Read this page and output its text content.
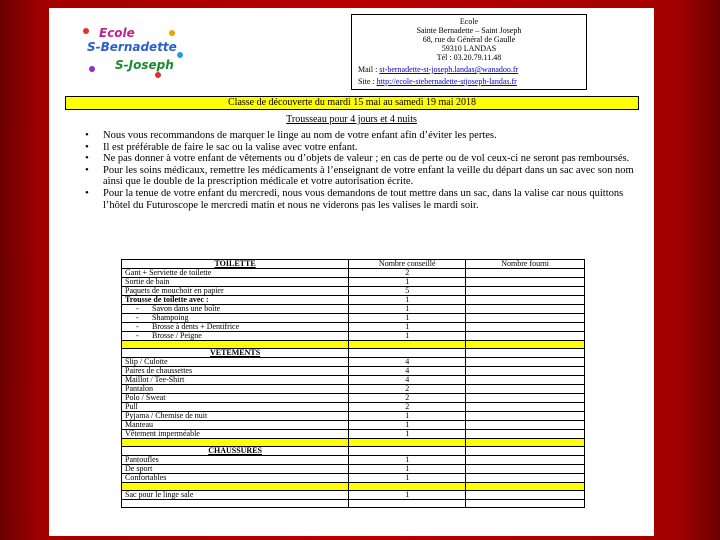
Ecole
S-Bernadette
S-Joseph
Ecole
Sainte Bernadette – Saint Joseph
68, rue du Général de Gaulle
59310 LANDAS
Tél : 03.20.79.11.48
Mail : st-bernadette-st-joseph.landas@wanadoo.fr
Site : http://ecole-stebernadette-stjoseph-landas.fr
Classe de découverte du mardi 15 mai au samedi 19 mai 2018
Trousseau pour 4 jours et 4 nuits
• Nous vous recommandons de marquer le linge au nom de votre enfant afin d’éviter les pertes.
• Il est préférable de faire le sac ou la valise avec votre enfant.
• Ne pas donner à votre enfant de vêtements ou d’objets de valeur ; en cas de perte ou de vol ceux-ci ne seront pas remboursés.
• Pour les soins médicaux, remettre les médicaments à l’enseignant de votre enfant la veille du départ dans un sac avec son nom ainsi que le double de la prescription médicale et votre autorisation écrite.
• Pour la tenue de votre enfant du mercredi, nous vous demandons de tout mettre dans un sac, dans la valise car nous quittons l’hôtel du Futuroscope le mercredi matin et nous ne viderons pas les valises le mardi soir.
TOILETTE	Nombre conseillé	Nombre fourni
Gant + Serviette de toilette	2	
Sortie de bain	1	
Paquets de mouchoir en papier	5	
Trousse de toilette avec :	1	
- Savon dans une boîte	1	
- Shampoing	1	
- Brosse à dents + Dentifrice	1	
- Brosse / Peigne	1	

VETEMENTS		
Slip / Culotte	4	
Paires de chaussettes	4	
Maillot / Tee-Shirt	4	
Pantalon	2	
Polo / Sweat	2	
Pull	2	
Pyjama / Chemise de nuit	1	
Manteau	1	
Vêtement imperméable	1	

CHAUSSURES		
Pantoufles	1	
De sport	1	
Confortables	1	

Sac pour le linge sale	1	
